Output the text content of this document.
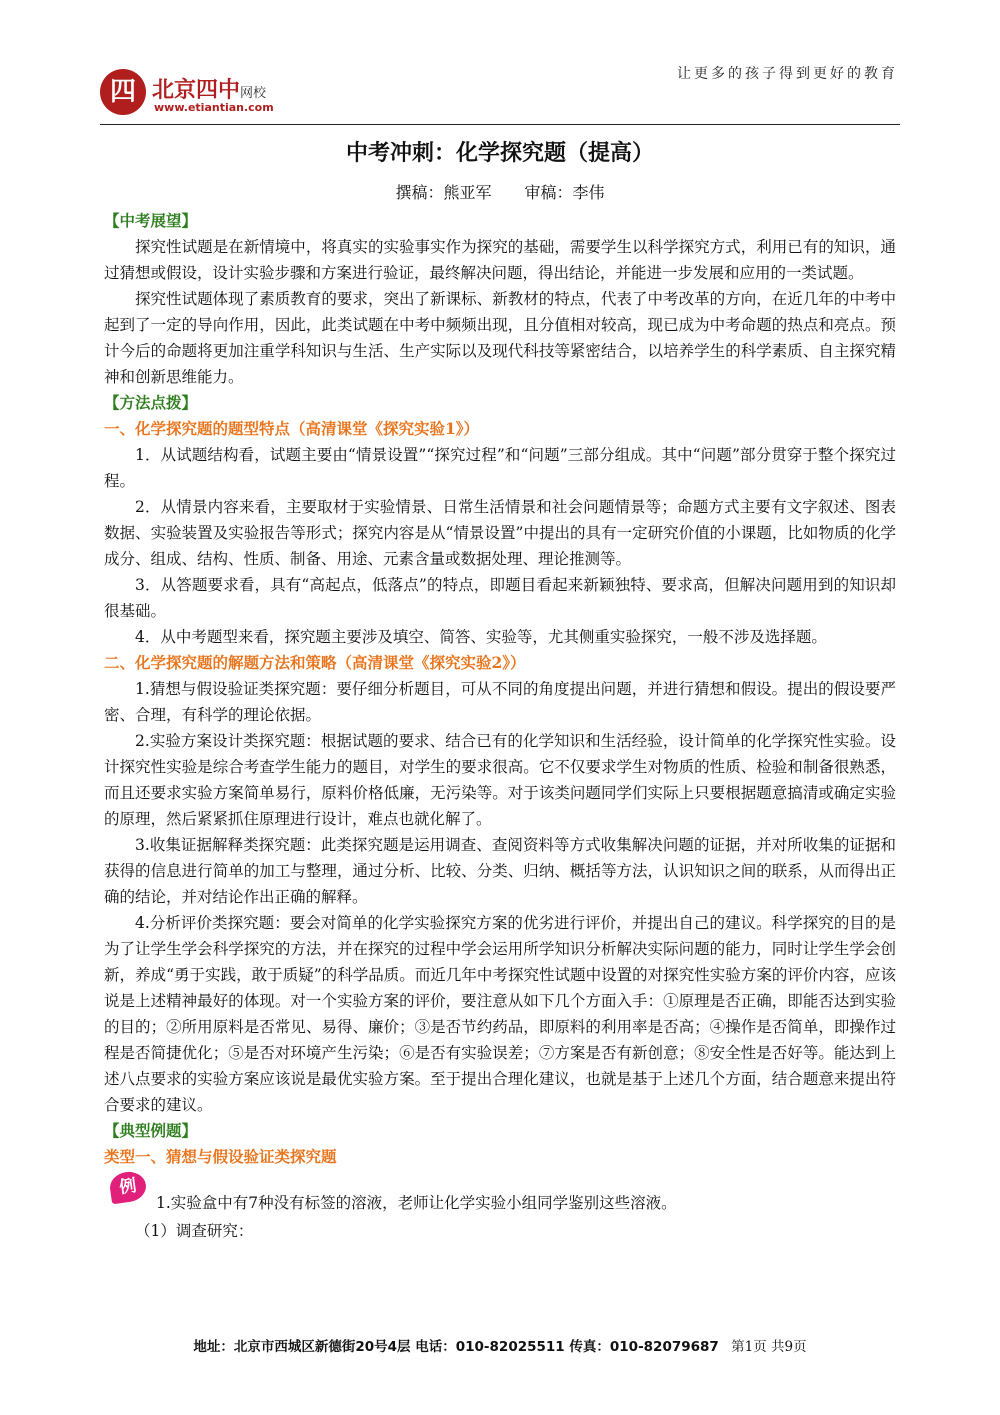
四 北京四中网校
www.etiantian.com
让更多的孩子得到更好的教育
中考冲刺：化学探究题（提高）
撰稿：熊亚军 审稿：李伟
【中考展望】

探究性试题是在新情境中，将真实的实验事实作为探究的基础，需要学生以科学探究方式，利用已有的知识，通过猜想或假设，设计实验步骤和方案进行验证，最终解决问题，得出结论，并能进一步发展和应用的一类试题。

探究性试题体现了素质教育的要求，突出了新课标、新教材的特点，代表了中考改革的方向，在近几年的中考中起到了一定的导向作用，因此，此类试题在中考中频频出现，且分值相对较高，现已成为中考命题的热点和亮点。预计今后的命题将更加注重学科知识与生活、生产实际以及现代科技等紧密结合，以培养学生的科学素质、自主探究精神和创新思维能力。

【方法点拨】
一、化学探究题的题型特点（高清课堂《探究实验1》）

1．从试题结构看，试题主要由“情景设置”“探究过程”和“问题”三部分组成。其中“问题”部分贯穿于整个探究过程。

2．从情景内容来看，主要取材于实验情景、日常生活情景和社会问题情景等；命题方式主要有文字叙述、图表数据、实验装置及实验报告等形式；探究内容是从“情景设置”中提出的具有一定研究价值的小课题，比如物质的化学成分、组成、结构、性质、制备、用途、元素含量或数据处理、理论推测等。

3．从答题要求看，具有“高起点，低落点”的特点，即题目看起来新颖独特、要求高，但解决问题用到的知识却很基础。

4．从中考题型来看，探究题主要涉及填空、简答、实验等，尤其侧重实验探究，一般不涉及选择题。

二、化学探究题的解题方法和策略（高清课堂《探究实验2》）

1.猜想与假设验证类探究题：要仔细分析题目，可从不同的角度提出问题，并进行猜想和假设。提出的假设要严密、合理，有科学的理论依据。

2.实验方案设计类探究题：根据试题的要求、结合已有的化学知识和生活经验，设计简单的化学探究性实验。设计探究性实验是综合考查学生能力的题目，对学生的要求很高。它不仅要求学生对物质的性质、检验和制备很熟悉，而且还要求实验方案简单易行，原料价格低廉，无污染等。对于该类问题同学们实际上只要根据题意搞清或确定实验的原理，然后紧紧抓住原理进行设计，难点也就化解了。

3.收集证据解释类探究题：此类探究题是运用调查、查阅资料等方式收集解决问题的证据，并对所收集的证据和获得的信息进行简单的加工与整理，通过分析、比较、分类、归纳、概括等方法，认识知识之间的联系，从而得出正确的结论，并对结论作出正确的解释。

4.分析评价类探究题：要会对简单的化学实验探究方案的优劣进行评价，并提出自己的建议。科学探究的目的是为了让学生学会科学探究的方法，并在探究的过程中学会运用所学知识分析解决实际问题的能力，同时让学生学会创新，养成“勇于实践，敢于质疑”的科学品质。而近几年中考探究性试题中设置的对探究性实验方案的评价内容，应该说是上述精神最好的体现。对一个实验方案的评价，要注意从如下几个方面入手：①原理是否正确，即能否达到实验的目的；②所用原料是否常见、易得、廉价；③是否节约药品，即原料的利用率是否高；④操作是否简单，即操作过程是否简捷优化；⑤是否对环境产生污染；⑥是否有实验误差；⑦方案是否有新创意；⑧安全性是否好等。能达到上述八点要求的实验方案应该说是最优实验方案。至于提出合理化建议，也就是基于上述几个方面，结合题意来提出符合要求的建议。

【典型例题】
类型一、猜想与假设验证类探究题
例
1.实验盒中有7种没有标签的溶液，老师让化学实验小组同学鉴别这些溶液。

（1）调查研究：

地址：北京市西城区新德街20号4层 电话：010-82025511 传真：010-82079687 第1页 共9页
